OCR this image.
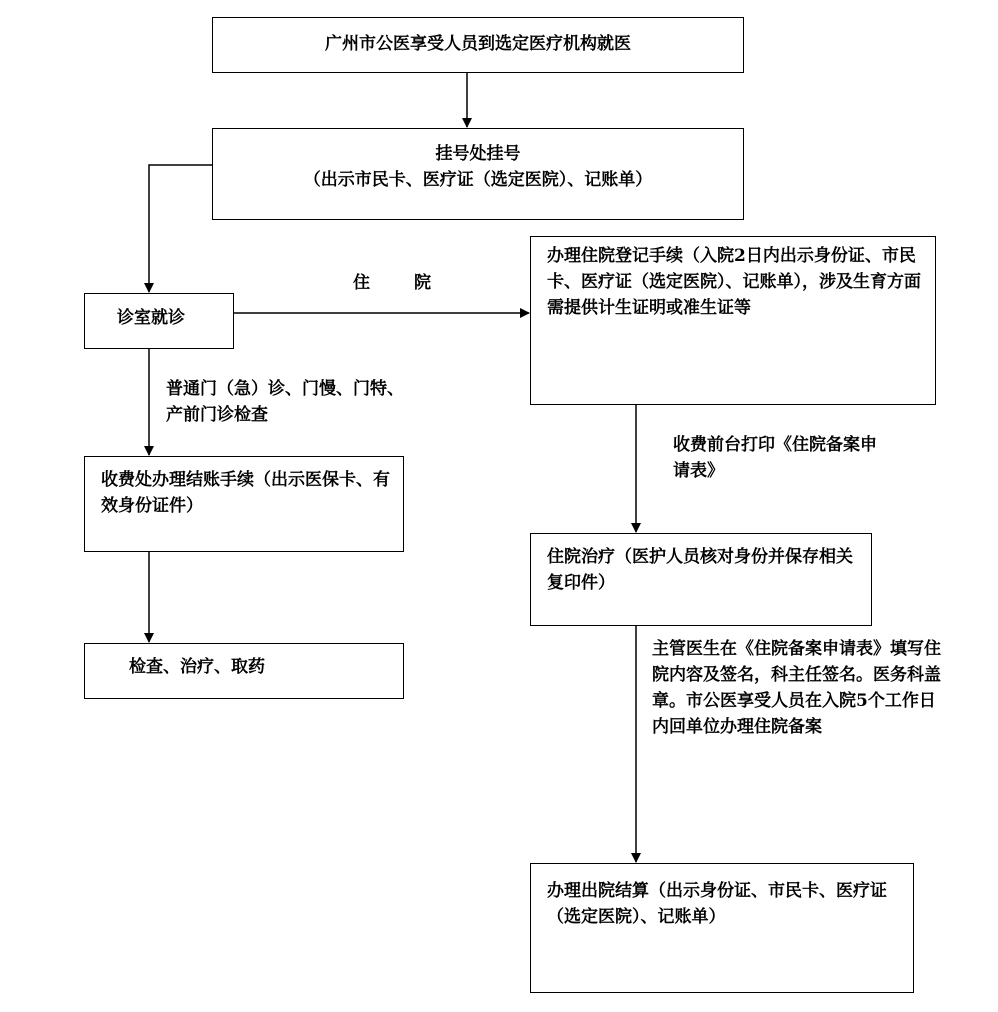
广州市公医享受人员到选定医疗机构就医
挂号处挂号
（出示市民卡、医疗证（选定医院）、记账单）
诊室就诊
办理住院登记手续（入院2日内出示身份证、市民卡、医疗证（选定医院）、记账单），涉及生育方面需提供计生证明或准生证等
收费处办理结账手续（出示医保卡、有效身份证件）
检查、治疗、取药
住院治疗（医护人员核对身份并保存相关复印件）
办理出院结算（出示身份证、市民卡、医疗证（选定医院）、记账单）
住	院
普通门（急）诊、门慢、门特、产前门诊检查
收费前台打印《住院备案申请表》
主管医生在《住院备案申请表》填写住院内容及签名，科主任签名。医务科盖章。市公医享受人员在入院5个工作日内回单位办理住院备案
